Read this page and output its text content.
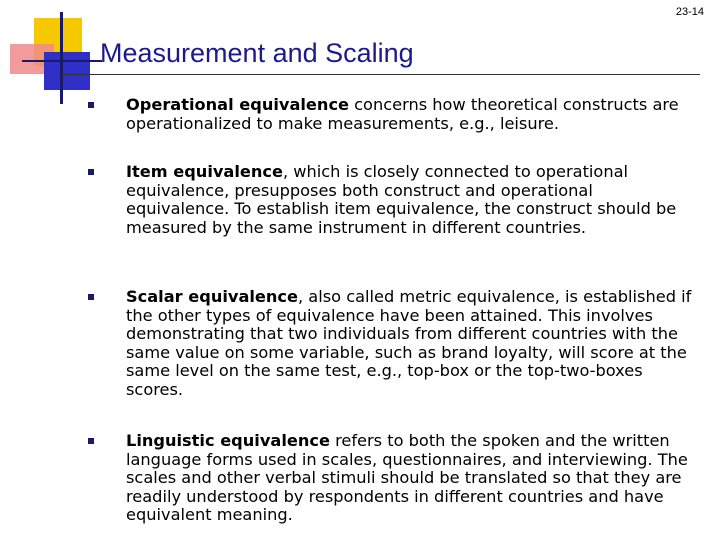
23-14
Measurement and Scaling
Operational equivalence concerns how theoretical constructs are operationalized to make measurements, e.g., leisure.
Item equivalence, which is closely connected to operational equivalence, presupposes both construct and operational equivalence. To establish item equivalence, the construct should be measured by the same instrument in different countries.
Scalar equivalence, also called metric equivalence, is established if the other types of equivalence have been attained. This involves demonstrating that two individuals from different countries with the same value on some variable, such as brand loyalty, will score at the same level on the same test, e.g., top-box or the top-two-boxes scores.
Linguistic equivalence refers to both the spoken and the written language forms used in scales, questionnaires, and interviewing. The scales and other verbal stimuli should be translated so that they are readily understood by respondents in different countries and have equivalent meaning.
